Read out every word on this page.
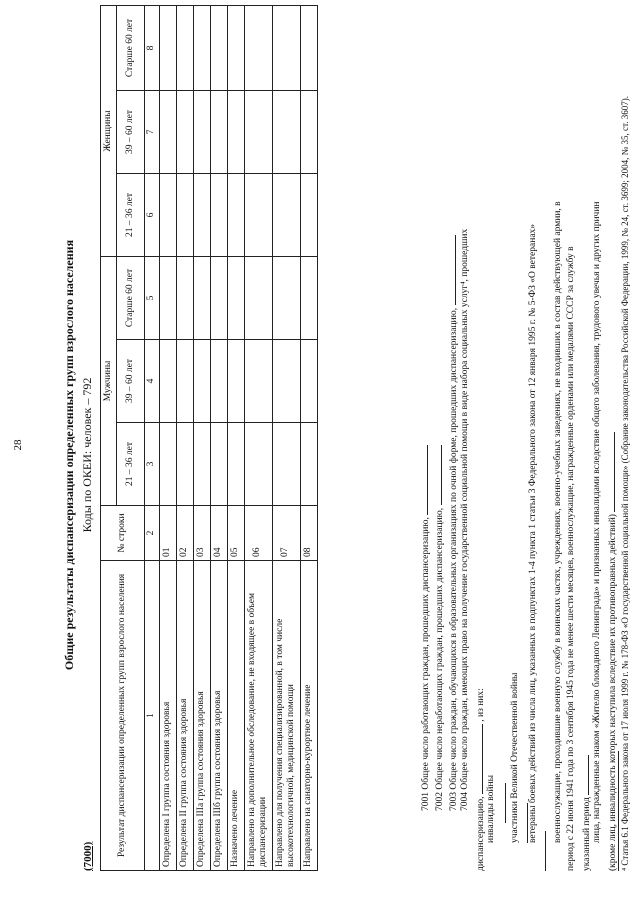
28	Общие результаты диспансеризации определенных групп взрослого населения Коды по ОКЕИ: человек – 792
(7000) Результат диспансеризации определенных групп взрослого населения	№ строки	Мужчины			Женщины		
		21 – 36 лет	39 – 60 лет	Старше 60 лет	21 – 36 лет	39 – 60 лет	Старше 60 лет
1	2	3	4	5	6	7	8
Определена I группа состояния здоровья	01						
Определена II группа состояния здоровья	02						
Определена IIIа группа состояния здоровья	03						
Определена IIIб группа состояния здоровья	04						
Назначено лечение	05						
Направлено на дополнительное обследование, не входящее в объем диспансеризации	06						
Направлено для получения специализированной, в том числе высокотехнологичной, медицинской помощи	07						
Направлено на санаторно-курортное лечение	08							7001 Общее число работающих граждан, прошедших диспансеризацию, 7002 Общее число неработающих граждан, прошедших диспансеризацию, 7003 Общее число граждан, обучающихся в образовательных организациях по очной форме, прошедших диспансеризацию, 7004 Общее число граждан, имеющих право на получение государственной социальной помощи в виде набора социальных услуг⁴, прошедших
диспансеризацию,  , из них:
инвалиды войны участники Великой Отечественной войны ветераны боевых действий из числа лиц, указанных в подпунктах 1-4 пункта 1 статьи 3 Федерального закона от 12 января 1995 г. № 5-ФЗ «О ветеранах» военнослужащие, проходившие военную службу в воинских частях, учреждениях, военно-учебных заведениях, не входивших в состав действующей армии, в период с 22 июня 1941 года по 3 сентября 1945 года не менее шести месяцев, военнослужащие, награжденные орденами или медалями СССР за службу в указанный период лица, награжденные знаком «Жителю блокадного Ленинграда» и признанных инвалидами вследствие общего заболевания, трудового увечья и других причин (кроме лиц, инвалидность которых наступила вследствие их противоправных действий) ⁴ Статья 6.1 Федерального закона от 17 июля 1999 г. № 178-ФЗ «О государственной социальной помощи» (Собрание законодательства Российской Федерации, 1999, № 24, ст. 3699; 2004, № 35, ст. 3607).
